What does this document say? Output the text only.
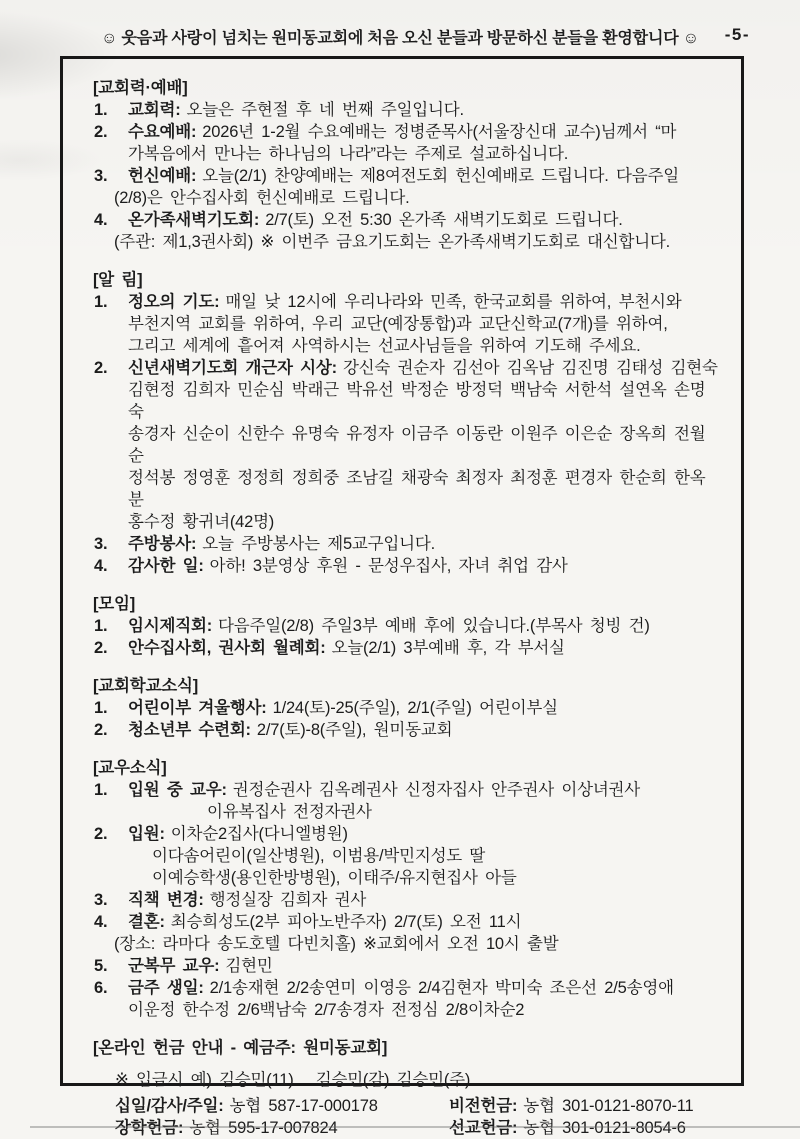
☺ 웃음과 사랑이 넘치는 원미동교회에 처음 오신 분들과 방문하신 분들을 환영합니다 ☺	-5-
[교회력·예배]
1. 교회력: 오늘은 주현절 후 네 번째 주일입니다.
2. 수요예배: 2026년 1-2월 수요예배는 정병준목사(서울장신대 교수)님께서 “마
가복음에서 만나는 하나님의 나라”라는 주제로 설교하십니다.
3. 헌신예배: 오늘(2/1) 찬양예배는 제8여전도회 헌신예배로 드립니다. 다음주일
(2/8)은 안수집사회 헌신예배로 드립니다.
4. 온가족새벽기도회: 2/7(토) 오전 5:30 온가족 새벽기도회로 드립니다.
(주관: 제1,3권사회) ※ 이번주 금요기도회는 온가족새벽기도회로 대신합니다.
[알 림]
1. 정오의 기도: 매일 낮 12시에 우리나라와 민족, 한국교회를 위하여, 부천시와
부천지역 교회를 위하여, 우리 교단(예장통합)과 교단신학교(7개)를 위하여,
그리고 세계에 흩어져 사역하시는 선교사님들을 위하여 기도해 주세요.
2. 신년새벽기도회 개근자 시상: 강신숙 권순자 김선아 김옥남 김진명 김태성 김현숙
김현정 김희자 민순심 박래근 박유선 박정순 방정덕 백남숙 서한석 설연옥 손명숙
송경자 신순이 신한수 유명숙 유정자 이금주 이동란 이원주 이은순 장옥희 전월순
정석봉 정영훈 정정희 정희중 조남길 채광숙 최정자 최정훈 편경자 한순희 한옥분
홍수정 황귀녀(42명)
3. 주방봉사: 오늘 주방봉사는 제5교구입니다.
4. 감사한 일: 아하! 3분영상 후원 - 문성우집사, 자녀 취업 감사
[모임]
1. 임시제직회: 다음주일(2/8) 주일3부 예배 후에 있습니다.(부목사 청빙 건)
2. 안수집사회, 권사회 월례회: 오늘(2/1) 3부예배 후, 각 부서실
[교회학교소식]
1. 어린이부 겨울행사: 1/24(토)-25(주일), 2/1(주일) 어린이부실
2. 청소년부 수련회: 2/7(토)-8(주일), 원미동교회
[교우소식]
1. 입원 중 교우: 권정순권사 김옥례권사 신정자집사 안주권사 이상녀권사
이유복집사 전정자권사
2. 입원: 이차순2집사(다니엘병원)
이다솜어린이(일산병원), 이범용/박민지성도 딸
이예승학생(용인한방병원), 이태주/유지현집사 아들
3. 직책 변경: 행정실장 김희자 권사
4. 결혼: 최승희성도(2부 피아노반주자) 2/7(토) 오전 11시
(장소: 라마다 송도호텔 다빈치홀) ※교회에서 오전 10시 출발
5. 군복무 교우: 김현민
6. 금주 생일: 2/1송재현 2/2송연미 이영응 2/4김현자 박미숙 조은선 2/5송영애
이운정 한수정 2/6백남숙 2/7송경자 전정심 2/8이차순2
[온라인 헌금 안내 - 예금주: 원미동교회]
※ 입금시 예) 김승민(11)   김승민(감) 김승민(주)
십일/감사/주일: 농협 587-17-000178	비전헌금: 농협 301-0121-8070-11
장학헌금: 농협 595-17-007824	선교헌금: 농협 301-0121-8054-6
